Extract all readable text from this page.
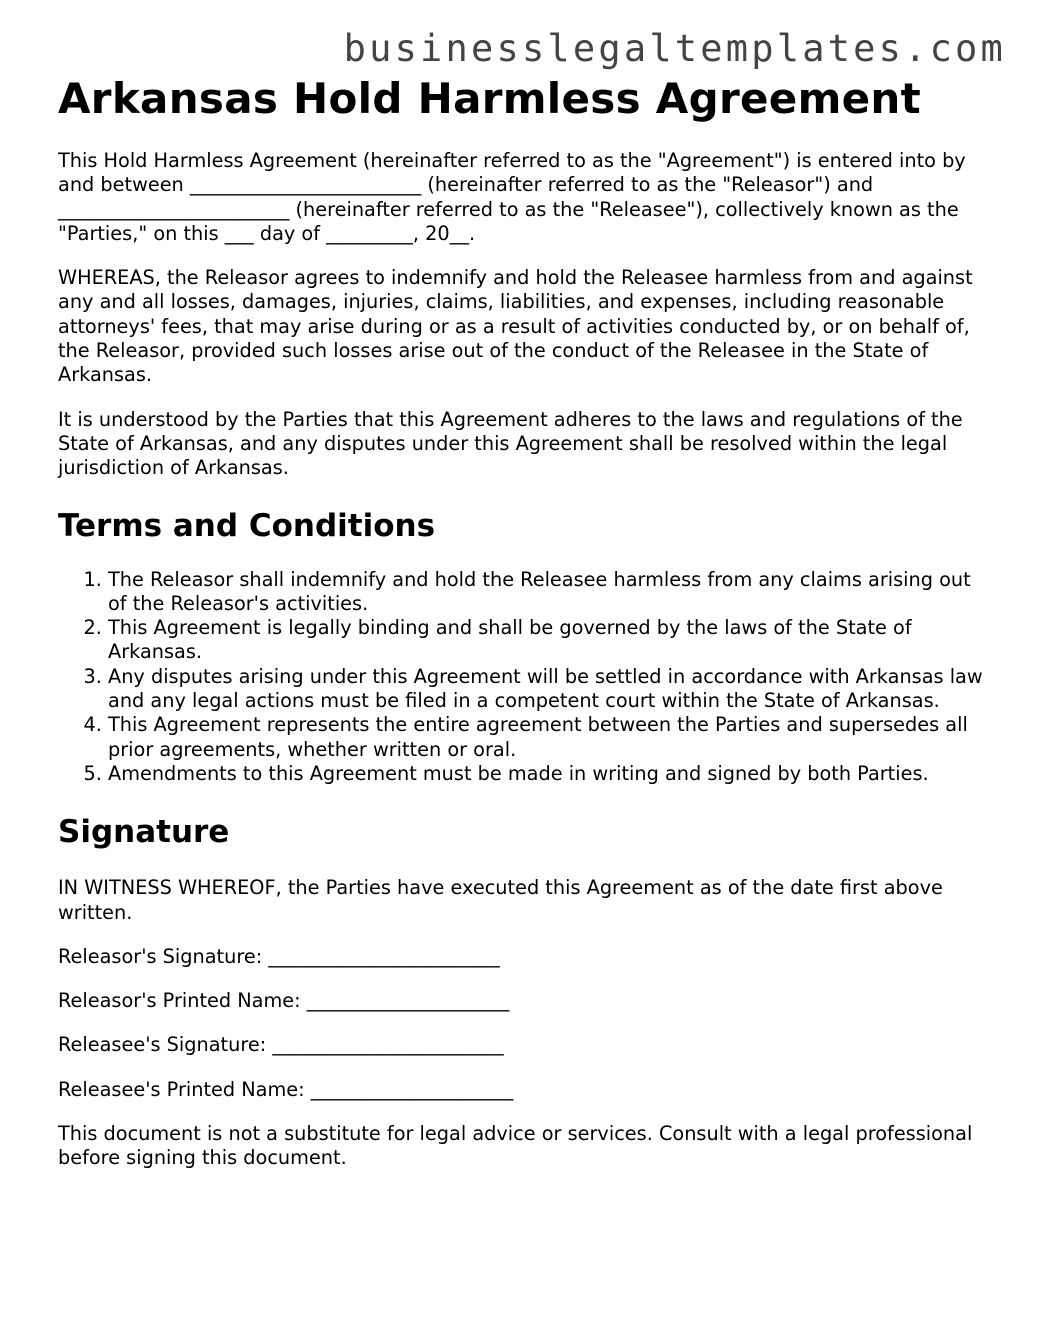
businesslegaltemplates.com
Arkansas Hold Harmless Agreement

This Hold Harmless Agreement (hereinafter referred to as the "Agreement") is entered into by and between ________________________ (hereinafter referred to as the "Releasor") and ________________________ (hereinafter referred to as the "Releasee"), collectively known as the "Parties," on this ___ day of _________, 20__.

WHEREAS, the Releasor agrees to indemnify and hold the Releasee harmless from and against any and all losses, damages, injuries, claims, liabilities, and expenses, including reasonable attorneys' fees, that may arise during or as a result of activities conducted by, or on behalf of, the Releasor, provided such losses arise out of the conduct of the Releasee in the State of Arkansas.

It is understood by the Parties that this Agreement adheres to the laws and regulations of the State of Arkansas, and any disputes under this Agreement shall be resolved within the legal jurisdiction of Arkansas.

Terms and Conditions
1. The Releasor shall indemnify and hold the Releasee harmless from any claims arising out of the Releasor's activities.
2. This Agreement is legally binding and shall be governed by the laws of the State of Arkansas.
3. Any disputes arising under this Agreement will be settled in accordance with Arkansas law and any legal actions must be filed in a competent court within the State of Arkansas.
4. This Agreement represents the entire agreement between the Parties and supersedes all prior agreements, whether written or oral.
5. Amendments to this Agreement must be made in writing and signed by both Parties.
Signature

IN WITNESS WHEREOF, the Parties have executed this Agreement as of the date first above written.

Releasor's Signature: ________________________

Releasor's Printed Name: _____________________

Releasee's Signature: ________________________

Releasee's Printed Name: _____________________

This document is not a substitute for legal advice or services. Consult with a legal professional before signing this document.
